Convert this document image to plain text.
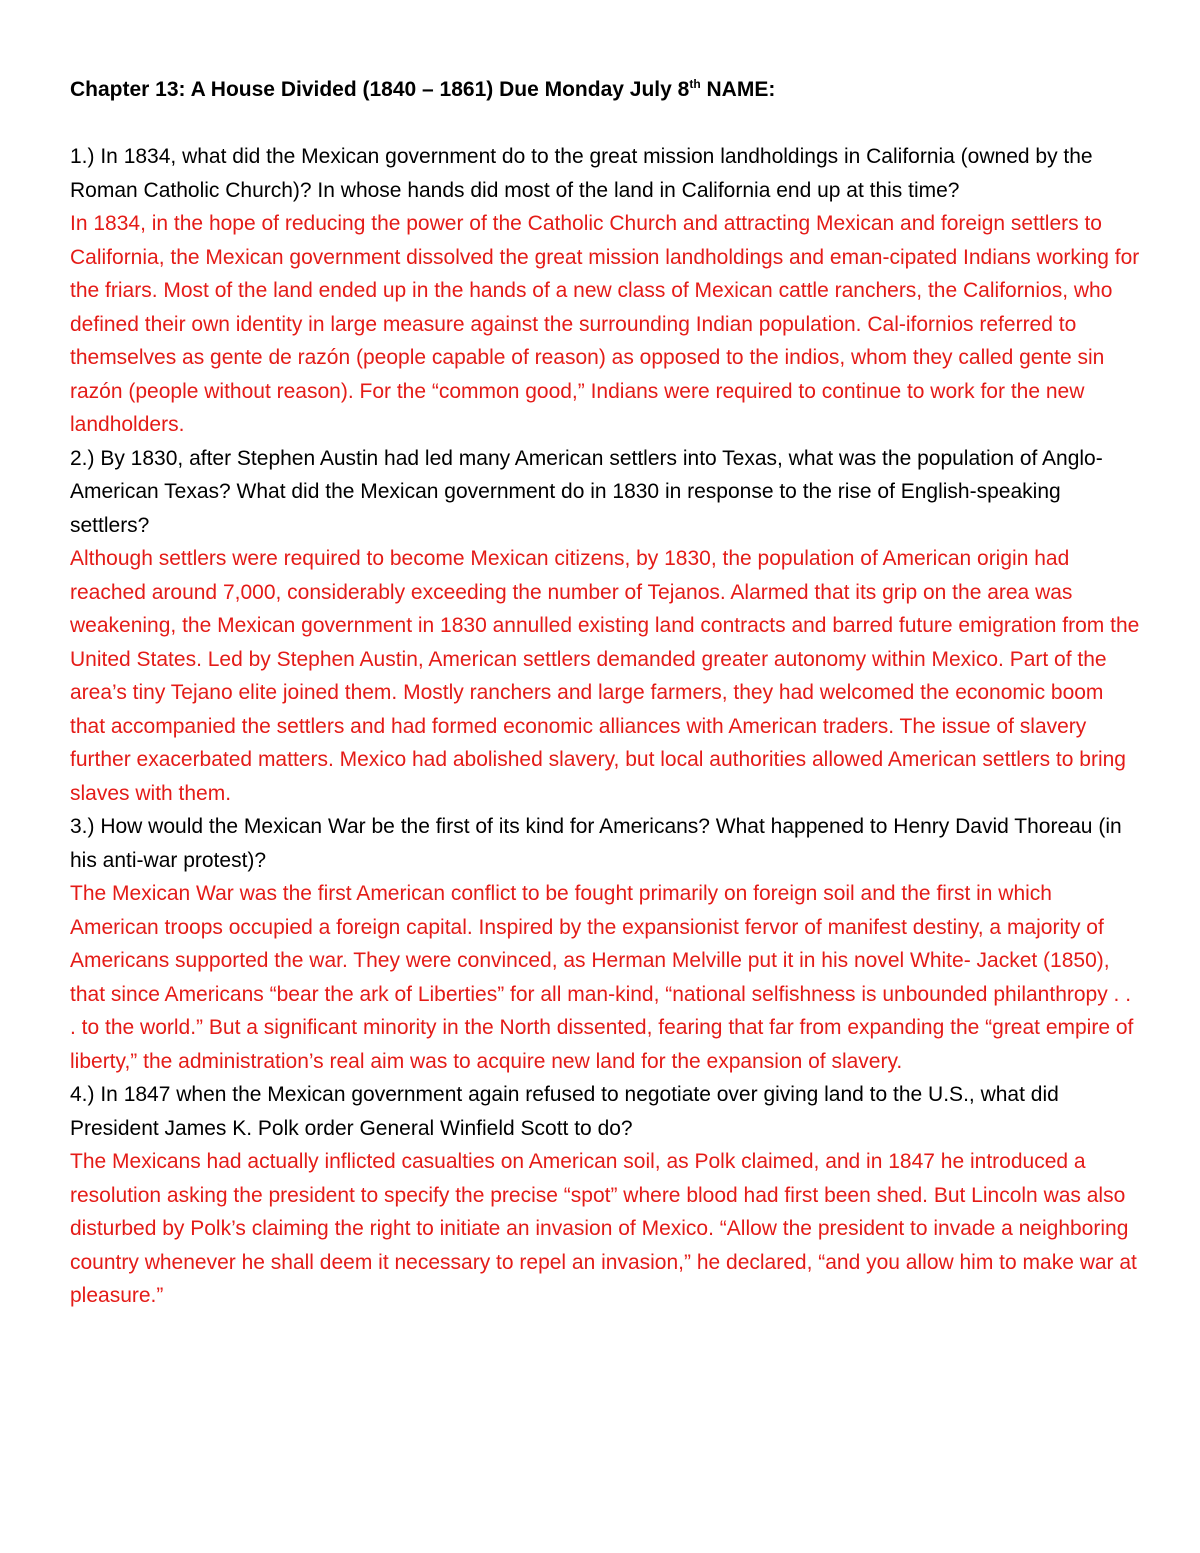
Chapter 13: A House Divided (1840 – 1861) Due Monday July 8th NAME:

1.) In 1834, what did the Mexican government do to the great mission landholdings in California (owned by the Roman Catholic Church)? In whose hands did most of the land in California end up at this time?

In 1834, in the hope of reducing the power of the Catholic Church and attracting Mexican and foreign settlers to California, the Mexican government dissolved the great mission landholdings and eman-cipated Indians working for the friars. Most of the land ended up in the hands of a new class of Mexican cattle ranchers, the Californios, who defined their own identity in large measure against the surrounding Indian population. Cal-ifornios referred to themselves as gente de razón (people capable of reason) as opposed to the indios, whom they called gente sin razón (people without reason). For the “common good,” Indians were required to continue to work for the new landholders.

2.) By 1830, after Stephen Austin had led many American settlers into Texas, what was the population of Anglo-American Texas? What did the Mexican government do in 1830 in response to the rise of English-speaking settlers?

Although settlers were required to become Mexican citizens, by 1830, the population of American origin had reached around 7,000, considerably exceeding the number of Tejanos. Alarmed that its grip on the area was weakening, the Mexican government in 1830 annulled existing land contracts and barred future emigration from the United States. Led by Stephen Austin, American settlers demanded greater autonomy within Mexico. Part of the area’s tiny Tejano elite joined them. Mostly ranchers and large farmers, they had welcomed the economic boom that accompanied the settlers and had formed economic alliances with American traders. The issue of slavery further exacerbated matters. Mexico had abolished slavery, but local authorities allowed American settlers to bring slaves with them.

3.) How would the Mexican War be the first of its kind for Americans? What happened to Henry David Thoreau (in his anti-war protest)?

The Mexican War was the first American conflict to be fought primarily on foreign soil and the first in which American troops occupied a foreign capital. Inspired by the expansionist fervor of manifest destiny, a majority of Americans supported the war. They were convinced, as Herman Melville put it in his novel White- Jacket (1850), that since Americans “bear the ark of Liberties” for all man-kind, “national selfishness is unbounded philanthropy . . . to the world.” But a significant minority in the North dissented, fearing that far from expanding the “great empire of liberty,” the administration’s real aim was to acquire new land for the expansion of slavery.

4.) In 1847 when the Mexican government again refused to negotiate over giving land to the U.S., what did President James K. Polk order General Winfield Scott to do?

The Mexicans had actually inflicted casualties on American soil, as Polk claimed, and in 1847 he introduced a resolution asking the president to specify the precise “spot” where blood had first been shed. But Lincoln was also disturbed by Polk’s claiming the right to initiate an invasion of Mexico. “Allow the president to invade a neighboring country whenever he shall deem it necessary to repel an invasion,” he declared, “and you allow him to make war at pleasure.”
